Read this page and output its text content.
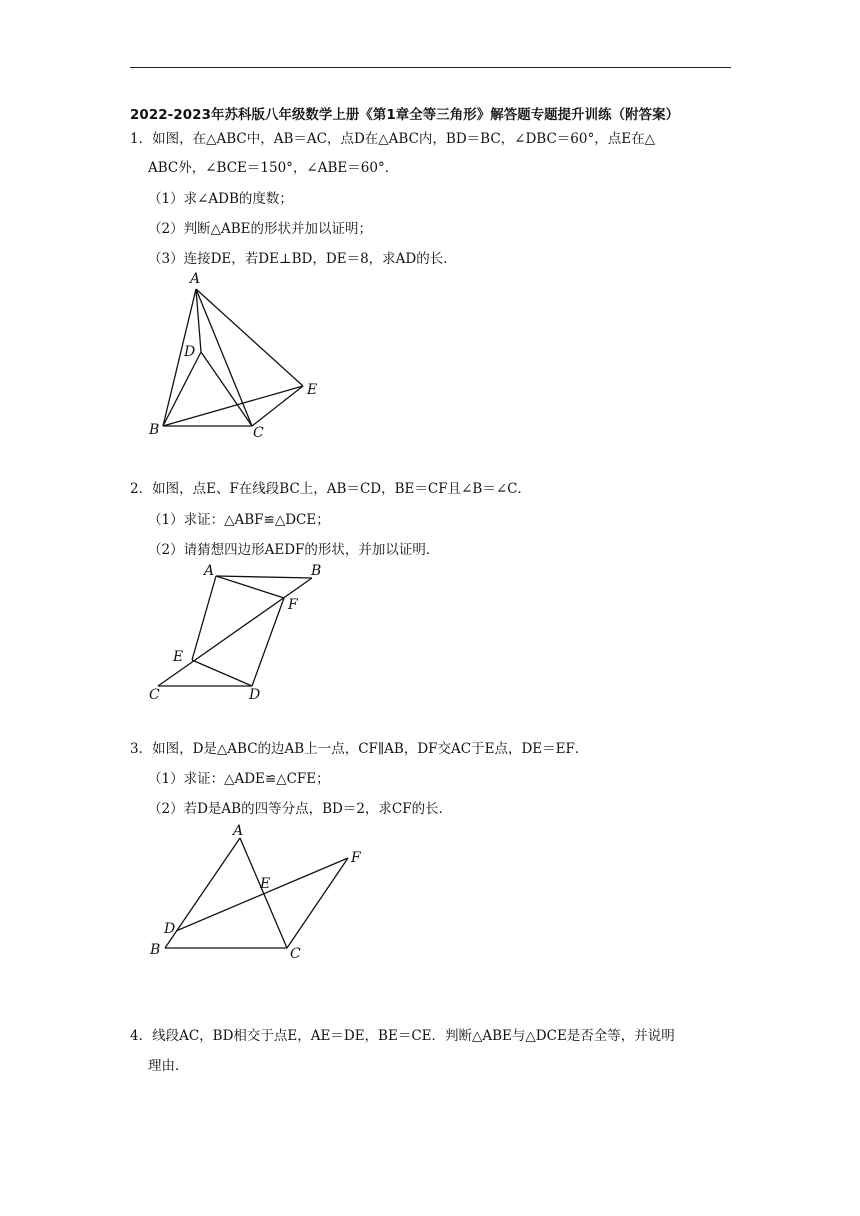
2022-2023年苏科版八年级数学上册《第1章全等三角形》解答题专题提升训练（附答案）
1．如图，在△ABC中，AB＝AC，点D在△ABC内，BD＝BC，∠DBC＝60°，点E在△
ABC外，∠BCE＝150°，∠ABE＝60°．
（1）求∠ADB的度数；
（2）判断△ABE的形状并加以证明；
（3）连接DE，若DE⊥BD，DE＝8，求AD的长．
A
D
E
B	C
2．如图，点E、F在线段BC上，AB＝CD，BE＝CF且∠B＝∠C．
（1）求证：△ABF≌△DCE；
（2）请猜想四边形AEDF的形状，并加以证明．
A	B
F
E
C	D
3．如图，D是△ABC的边AB上一点，CF∥AB，DF交AC于E点，DE＝EF．
（1）求证：△ADE≌△CFE；
（2）若D是AB的四等分点，BD＝2，求CF的长．
A
F
E
D
B	C
4．线段AC，BD相交于点E，AE＝DE，BE＝CE．判断△ABE与△DCE是否全等，并说明
理由．
